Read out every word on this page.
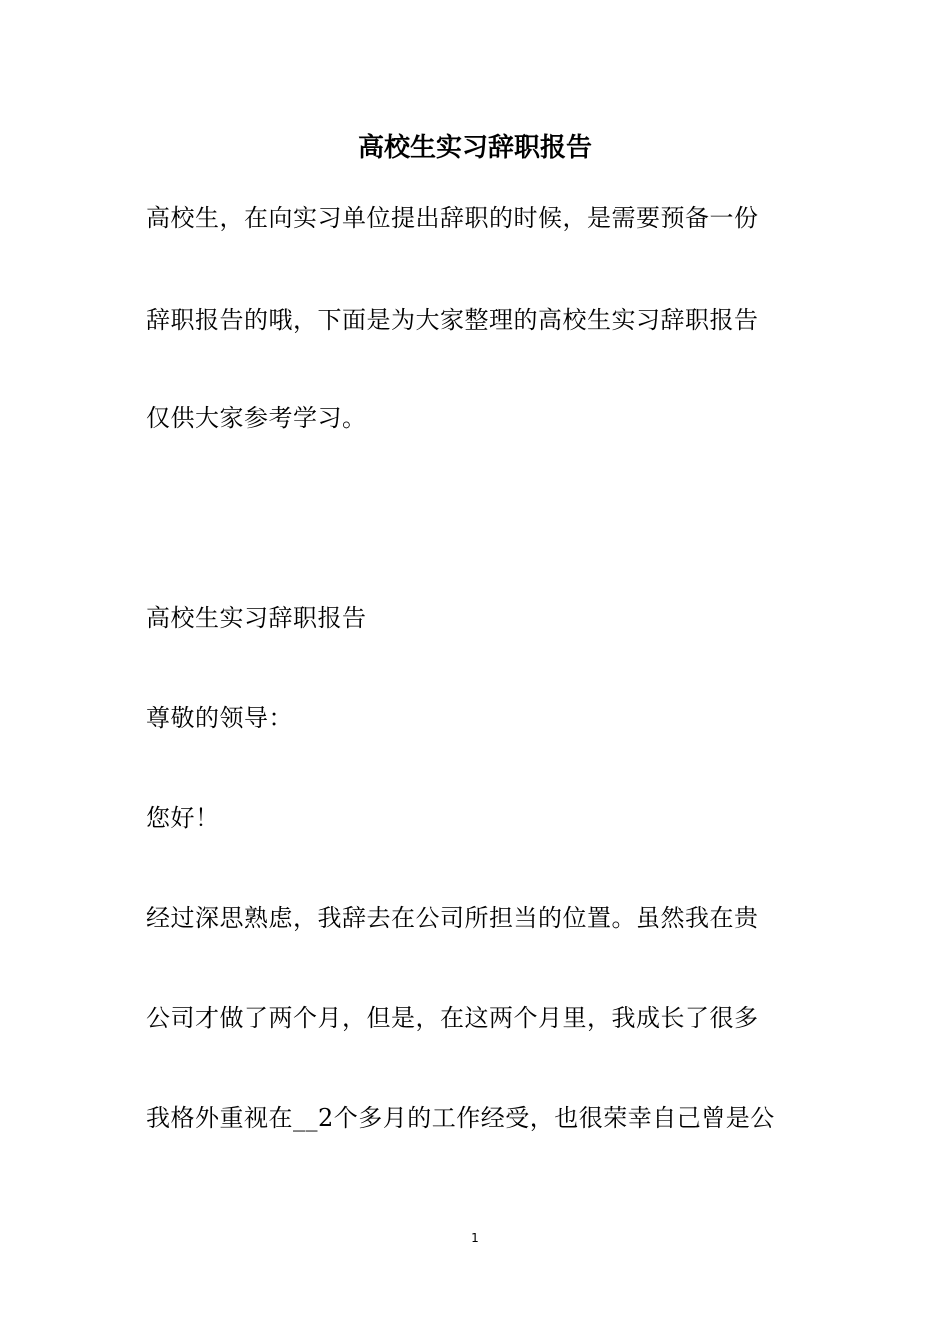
高校生实习辞职报告
高校生，在向实习单位提出辞职的时候，是需要预备一份
辞职报告的哦，下面是为大家整理的高校生实习辞职报告
仅供大家参考学习。
高校生实习辞职报告
尊敬的领导：
您好！
经过深思熟虑，我辞去在公司所担当的位置。虽然我在贵
公司才做了两个月，但是，在这两个月里，我成长了很多
我格外重视在__2个多月的工作经受，也很荣幸自己曾是公
1
